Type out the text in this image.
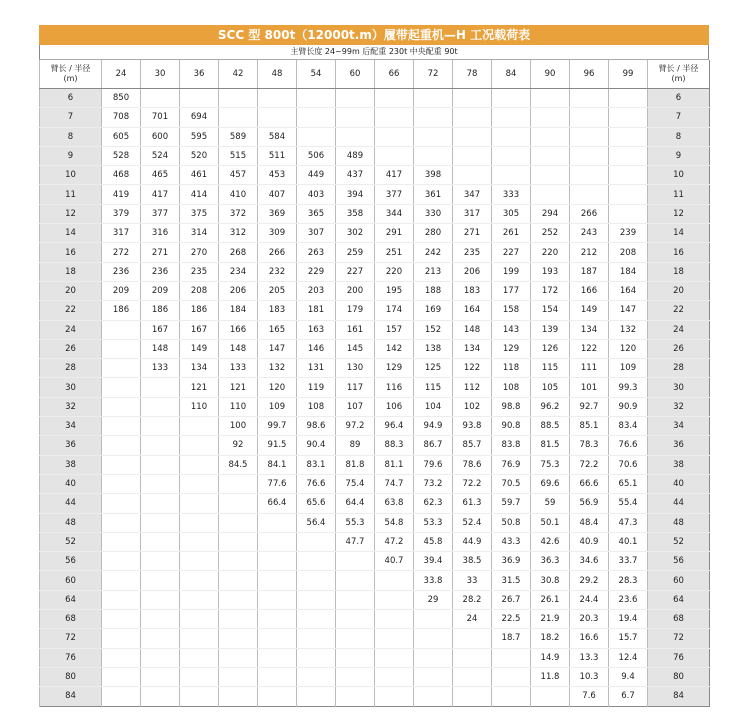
SCC 型 800t（12000t.m）履带起重机—H 工况载荷表
主臂长度 24~99m 后配重 230t 中央配重 90t
臂长 / 半径
(m)	24	30	36	42	48	54	60	66	72	78	84	90	96	99	臂长 / 半径
(m)
6	850														6
7	708	701	694												7
8	605	600	595	589	584										8
9	528	524	520	515	511	506	489								9
10	468	465	461	457	453	449	437	417	398						10
11	419	417	414	410	407	403	394	377	361	347	333				11
12	379	377	375	372	369	365	358	344	330	317	305	294	266		12
14	317	316	314	312	309	307	302	291	280	271	261	252	243	239	14
16	272	271	270	268	266	263	259	251	242	235	227	220	212	208	16
18	236	236	235	234	232	229	227	220	213	206	199	193	187	184	18
20	209	209	208	206	205	203	200	195	188	183	177	172	166	164	20
22	186	186	186	184	183	181	179	174	169	164	158	154	149	147	22
24		167	167	166	165	163	161	157	152	148	143	139	134	132	24
26		148	149	148	147	146	145	142	138	134	129	126	122	120	26
28		133	134	133	132	131	130	129	125	122	118	115	111	109	28
30			121	121	120	119	117	116	115	112	108	105	101	99.3	30
32			110	110	109	108	107	106	104	102	98.8	96.2	92.7	90.9	32
34				100	99.7	98.6	97.2	96.4	94.9	93.8	90.8	88.5	85.1	83.4	34
36				92	91.5	90.4	89	88.3	86.7	85.7	83.8	81.5	78.3	76.6	36
38				84.5	84.1	83.1	81.8	81.1	79.6	78.6	76.9	75.3	72.2	70.6	38
40					77.6	76.6	75.4	74.7	73.2	72.2	70.5	69.6	66.6	65.1	40
44					66.4	65.6	64.4	63.8	62.3	61.3	59.7	59	56.9	55.4	44
48						56.4	55.3	54.8	53.3	52.4	50.8	50.1	48.4	47.3	48
52							47.7	47.2	45.8	44.9	43.3	42.6	40.9	40.1	52
56								40.7	39.4	38.5	36.9	36.3	34.6	33.7	56
60									33.8	33	31.5	30.8	29.2	28.3	60
64									29	28.2	26.7	26.1	24.4	23.6	64
68										24	22.5	21.9	20.3	19.4	68
72											18.7	18.2	16.6	15.7	72
76												14.9	13.3	12.4	76
80												11.8	10.3	9.4	80
84													7.6	6.7	84
